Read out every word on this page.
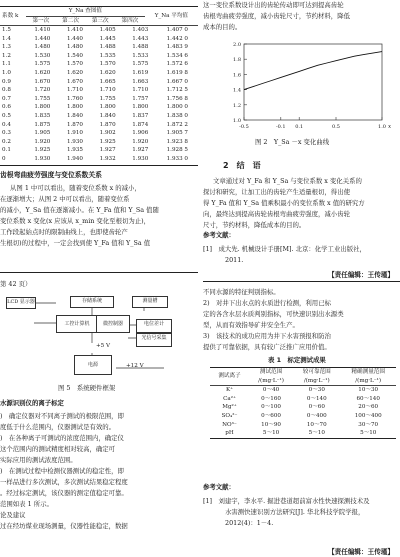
系数 k	Y_Na 查图值				Y_Na 平均值
	第一次	第二次	第三次	第四次	
1.5	1.410	1.410	1.405	1.403	1.407 0
1.4	1.440	1.440	1.445	1.443	1.442 0
1.3	1.480	1.480	1.488	1.488	1.483 9
1.2	1.530	1.540	1.535	1.533	1.534 6
1.1	1.575	1.570	1.570	1.575	1.572 6
1.0	1.620	1.620	1.620	1.619	1.619 8
0.9	1.670	1.670	1.665	1.663	1.667 0
0.8	1.720	1.710	1.710	1.710	1.712 5
0.7	1.755	1.760	1.755	1.757	1.756 8
0.6	1.800	1.800	1.800	1.800	1.800 0
0.5	1.835	1.840	1.840	1.837	1.838 0
0.4	1.875	1.870	1.870	1.874	1.872 2
0.3	1.905	1.910	1.902	1.906	1.905 7
0.2	1.920	1.930	1.925	1.920	1.923 8
0.1	1.925	1.935	1.927	1.927	1.928 5
0	1.930	1.940	1.932	1.930	1.933 0
齿根弯曲疲劳强度与变位系数关系
从图 1 中可以看出，随着变位系数 x 的减小，
在逐渐增大；从图 2 中可以看出，随着变位系
的减小，Y_Sa 值在逐渐减小。在 Y_Fa 值和 Y_Sa 值随
变位系数 x 变化(x 应该从 x_min 变化至根切为止)，
工作段起始点时的限制曲线上，也即使齿轮产
生根切)的过程中，一定会找到使 Y_Fa 值和 Y_Sa 值
这一变位系数设计出的齿轮传动即可达到提高齿轮
齿根弯曲疲劳强度，减小齿轮尺寸，节约材料，降低
成本的目的。
2.0
1.8
1.6
1.4
1.2
1.0
-0.5	-0.1 0.1	0.5	1.0 x
图 2　Y_Sa －x 变化曲线
2　结　语
文章通过对 Y_Fa 和 Y_Sa 与变位系数 x 变化关系的
探讨和研究，让加工出的齿轮产生适量根切，得出使
得 Y_Fa 值和 Y_Sa 值乘积最小的变位系数 x 值的研究方
向，最终达到提高齿轮齿根弯曲疲劳强度，减小齿轮
尺寸，节约材料，降低成本的目的。
参考文献：
[1]　成大先. 机械设计手册[M]. 北京：化学工业出版社，
2011.
【责任编辑：王传瑾】
第 42 页）
LCD 显示器	存储系统	测量槽
工控计算机	微控制器
电源
电位差计
光信号采集
+5 V
+12 V
图 5　系统硬件框架
水源识别仪的离子标定
)　确定仪器对不同离子测试的极限范围，即
度低于什么范围内，仪器测试是有效的。
)　在各种离子可测试的浓度范围内，确定仪
这个范围内的测试精度相对较高，确定可
实际应用的测试浓度范围。
)　在测试过程中检测仪器测试的稳定性，即
一样品进行多次测试，多次测试结果稳定程度
。经过标定测试，该仪器的测定值稳定可靠。
范围如表 1 所示。
论及建议
过在经坊煤业现场测量，仪器性能稳定，数据
不同水源的特征判别指标。
2)　对井下出水点的水质进行检测，利用已标
定的各含水层水质判别指标，可快速识别出水源类
型，从而有效指导矿井安全生产。
3)　该技术的成功应用为井下水害预报和防治
提供了可靠依据，具有较广泛推广应用价值。
表 1　标定测试成果
测试离子	测试范围
/(mg·L⁻¹)	较可靠范围
/(mg·L⁻¹)	精确测量范围
/(mg·L⁻¹)
K⁺	0～40	0～30	10～30
Ca²⁺	0～160	0～140	60～140
Mg²⁺	0～100	0～60	20～60
SO₄²⁻	0～600	0～400	100～400
NO³⁻	10～90	10～70	30～70
pH	5～10	5～10	5～10
参考文献：
[1]　刘建宇，李水平. 掘进巷道超前富水性快速探测技术及
水害测快速识别方法研究[J]. 华北科技学院学报，
2012(4)：1－4.
【责任编辑：王传瑾】
